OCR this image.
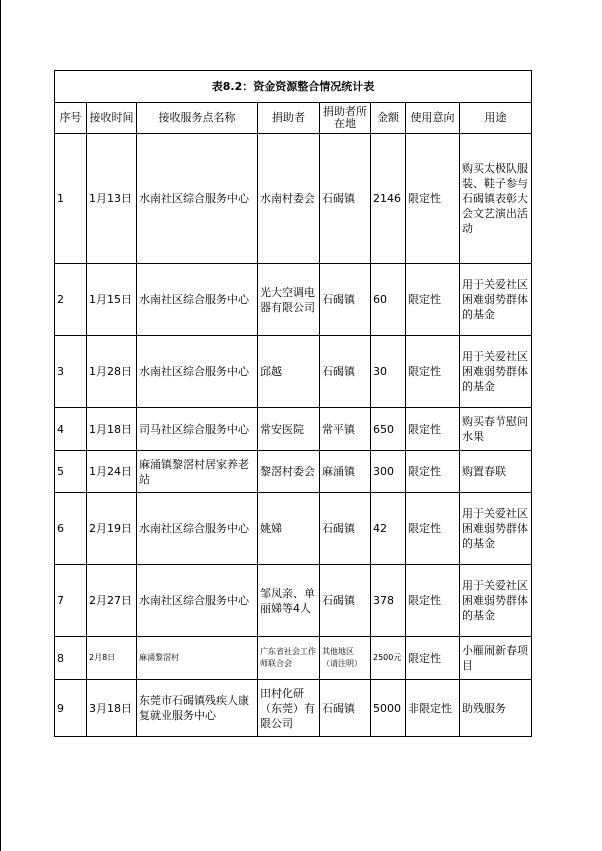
表8.2：资金资源整合情况统计表							
序号	接收时间	接收服务点名称	捐助者	捐助者所在地	金额	使用意向	用途
1	1月13日	水南社区综合服务中心	水南村委会	石碣镇	2146	限定性	购买太极队服装、鞋子参与石碣镇表彰大会文艺演出活动
2	1月15日	水南社区综合服务中心	光大空调电器有限公司	石碣镇	60	限定性	用于关爱社区困难弱势群体的基金
3	1月28日	水南社区综合服务中心	邱越	石碣镇	30	限定性	用于关爱社区困难弱势群体的基金
4	1月18日	司马社区综合服务中心	常安医院	常平镇	650	限定性	购买春节慰问水果
5	1月24日	麻涌镇黎滘村居家养老站	黎滘村委会	麻涌镇	300	限定性	购置春联
6	2月19日	水南社区综合服务中心	姚娣	石碣镇	42	限定性	用于关爱社区困难弱势群体的基金
7	2月27日	水南社区综合服务中心	邹凤亲、单丽娣等4人	石碣镇	378	限定性	用于关爱社区困难弱势群体的基金
8	2月8日	麻涌黎滘村	广东省社会工作师联合会	其他地区（请注明）	2500元	限定性	小雁闹新春项目
9	3月18日	东莞市石碣镇残疾人康复就业服务中心	田村化研（东莞）有限公司	石碣镇	5000	非限定性	助残服务
